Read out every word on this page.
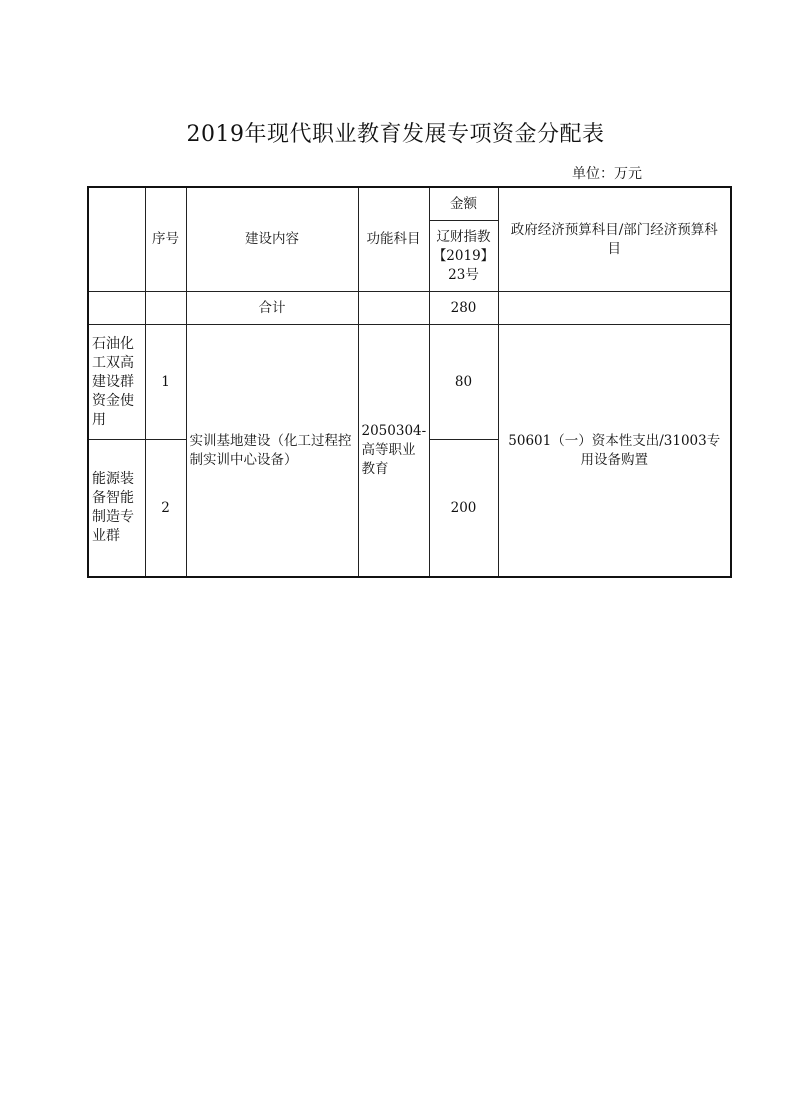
2019年现代职业教育发展专项资金分配表
单位：万元
	序号	建设内容	功能科目	金额	政府经济预算科目/部门经济预算科目
				辽财指教【2019】23号	
		合计		280	
石油化工双高建设群资金使用	1	实训基地建设（化工过程控制实训中心设备）	2050304-高等职业教育	80	50601（一）资本性支出/31003专用设备购置
能源装备智能制造专业群	2			200	
